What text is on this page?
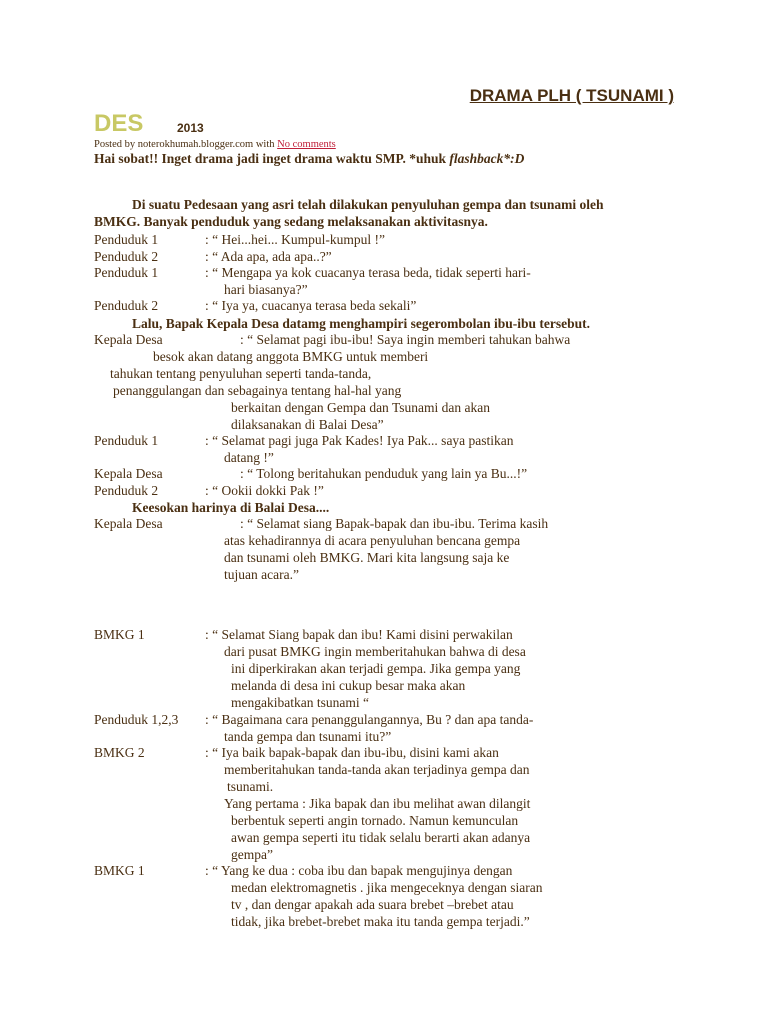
DRAMA PLH ( TSUNAMI )
DES	2013
Posted by noterokhumah.blogger.com with No comments
Hai sobat!! Inget drama jadi inget drama waktu SMP. *uhuk flashback*:D
Di suatu Pedesaan yang asri telah dilakukan penyuluhan gempa dan tsunami oleh
BMKG. Banyak penduduk yang sedang melaksanakan aktivitasnya.
Penduduk 1	: “ Hei...hei... Kumpul-kumpul !”
Penduduk 2	: “ Ada apa, ada apa..?”
Penduduk 1	: “ Mengapa ya kok cuacanya terasa beda, tidak seperti hari-
hari biasanya?”
Penduduk 2	: “ Iya ya, cuacanya terasa beda sekali”
Lalu, Bapak Kepala Desa datamg menghampiri segerombolan ibu-ibu tersebut.
Kepala Desa	: “ Selamat pagi ibu-ibu! Saya ingin memberi tahukan bahwa
besok akan datang anggota BMKG untuk memberi
tahukan tentang penyuluhan seperti tanda-tanda,
penanggulangan dan sebagainya tentang hal-hal yang
berkaitan dengan Gempa dan Tsunami dan akan
dilaksanakan di Balai Desa”
Penduduk 1	: “ Selamat pagi juga Pak Kades! Iya Pak... saya pastikan
datang !”
Kepala Desa	: “ Tolong beritahukan penduduk yang lain ya Bu...!”
Penduduk 2	: “ Ookii dokki Pak !”
Keesokan harinya di Balai Desa....
Kepala Desa	: “ Selamat siang Bapak-bapak dan ibu-ibu. Terima kasih
atas kehadirannya di acara penyuluhan bencana gempa
dan tsunami oleh BMKG. Mari kita langsung saja ke
tujuan acara.”
BMKG 1	: “ Selamat Siang bapak dan ibu! Kami disini perwakilan
dari pusat BMKG ingin memberitahukan bahwa di desa
ini diperkirakan akan terjadi gempa. Jika gempa yang
melanda di desa ini cukup besar maka akan
mengakibatkan tsunami “
Penduduk 1,2,3 : “ Bagaimana cara penanggulangannya, Bu ? dan apa tanda-
tanda gempa dan tsunami itu?”
BMKG 2	: “ Iya baik bapak-bapak dan ibu-ibu, disini kami akan
memberitahukan tanda-tanda akan terjadinya gempa dan
tsunami.
Yang pertama : Jika bapak dan ibu melihat awan dilangit
berbentuk seperti angin tornado. Namun kemunculan
awan gempa seperti itu tidak selalu berarti akan adanya
gempa”
BMKG 1	: “ Yang ke dua : coba ibu dan bapak mengujinya dengan
medan elektromagnetis . jika mengeceknya dengan siaran
tv , dan dengar apakah ada suara brebet –brebet atau
tidak, jika brebet-brebet maka itu tanda gempa terjadi.”
